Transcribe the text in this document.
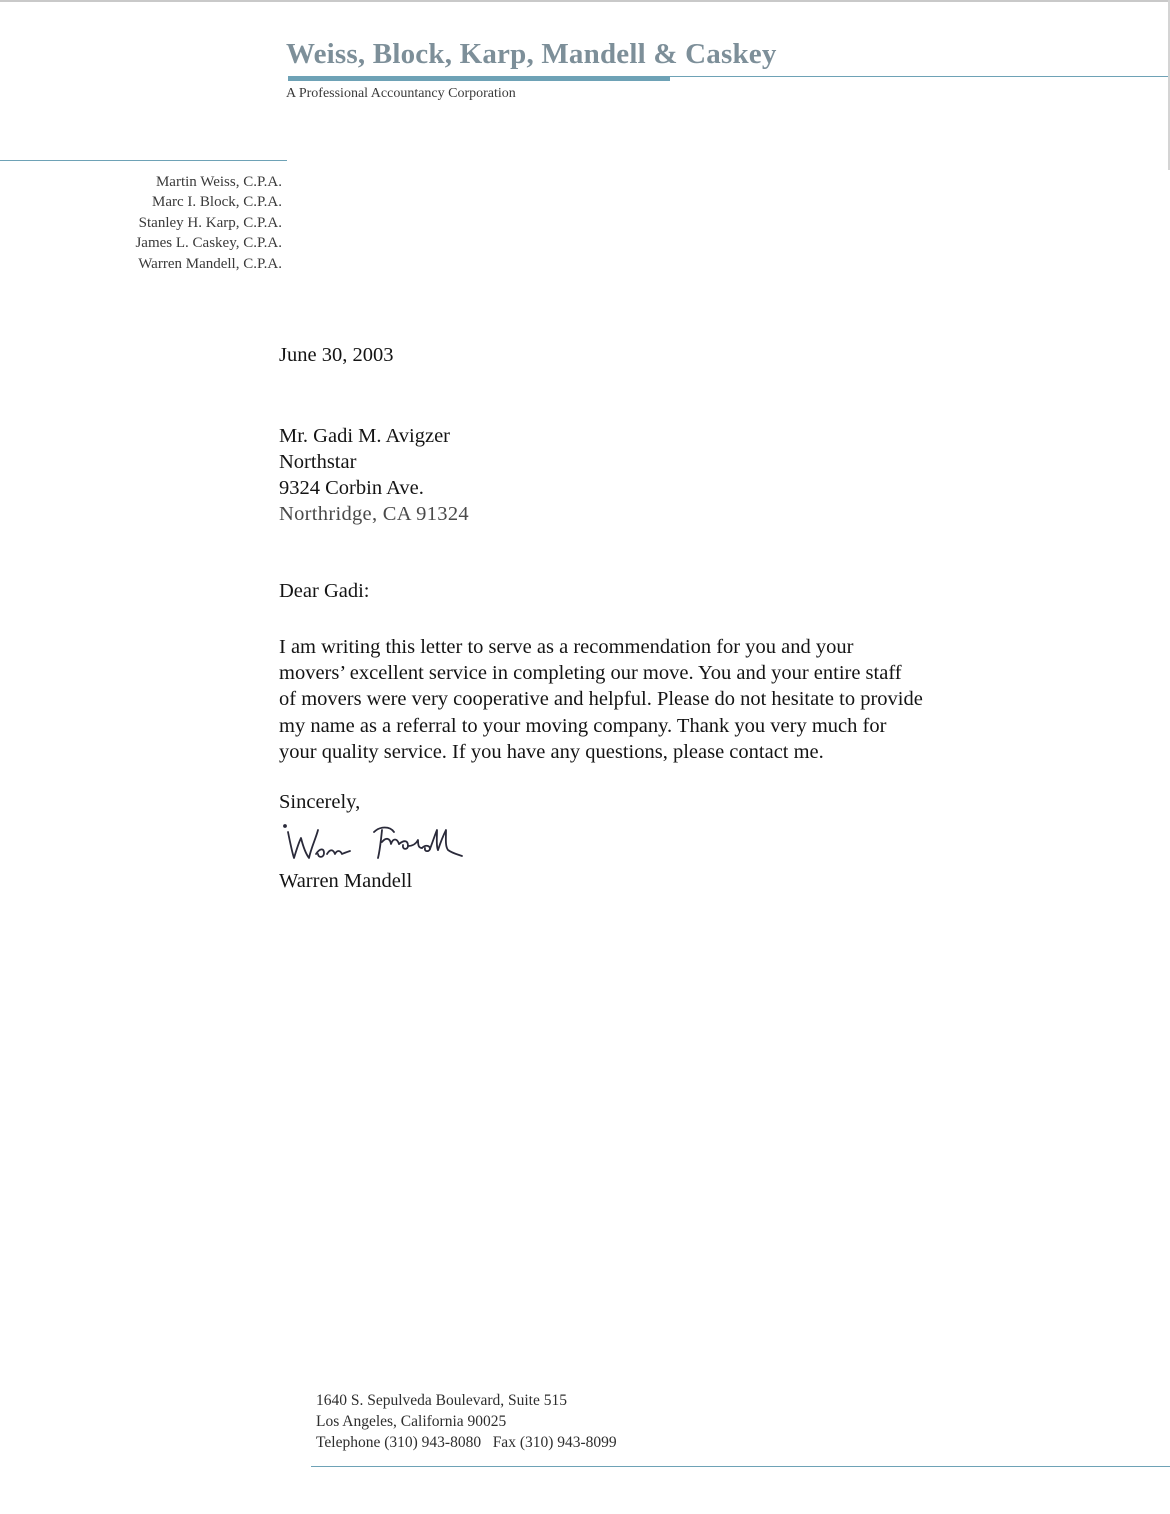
Weiss, Block, Karp, Mandell & Caskey
A Professional Accountancy Corporation
Martin Weiss, C.P.A.
Marc I. Block, C.P.A.
Stanley H. Karp, C.P.A.
James L. Caskey, C.P.A.
Warren Mandell, C.P.A.
June 30, 2003
Mr. Gadi M. Avigzer
Northstar
9324 Corbin Ave.
Northridge, CA 91324
Dear Gadi:
I am writing this letter to serve as a recommendation for you and your
movers’ excellent service in completing our move. You and your entire staff
of movers were very cooperative and helpful. Please do not hesitate to provide
my name as a referral to your moving company. Thank you very much for
your quality service. If you have any questions, please contact me.
Sincerely,
Warren Mandell
1640 S. Sepulveda Boulevard, Suite 515
Los Angeles, California 90025
Telephone (310) 943-8080   Fax (310) 943-8099
